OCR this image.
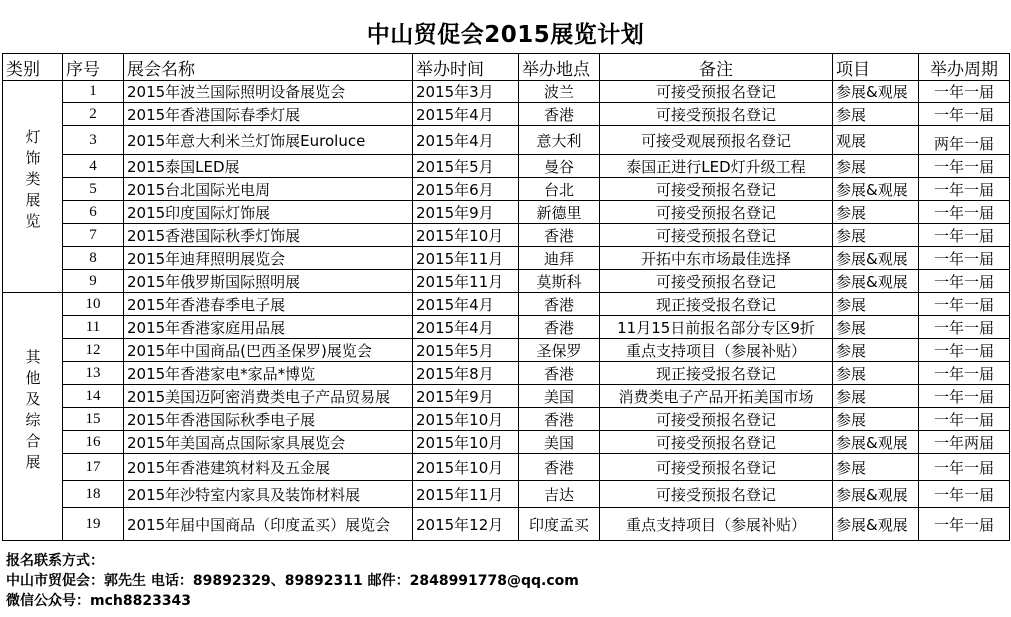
中山贸促会2015展览计划
类别	序号	展会名称	举办时间	举办地点	备注	项目	举办周期
灯饰类展览	1	2015年波兰国际照明设备展览会	2015年3月	波兰	可接受预报名登记	参展&观展	一年一届
	2	2015年香港国际春季灯展	2015年4月	香港	可接受预报名登记	参展	一年一届
	3	2015年意大利米兰灯饰展Euroluce	2015年4月	意大利	可接受观展预报名登记	观展	两年一届
	4	2015泰国LED展	2015年5月	曼谷	泰国正进行LED灯升级工程	参展	一年一届
	5	2015台北国际光电周	2015年6月	台北	可接受预报名登记	参展&观展	一年一届
	6	2015印度国际灯饰展	2015年9月	新德里	可接受预报名登记	参展	一年一届
	7	2015香港国际秋季灯饰展	2015年10月	香港	可接受预报名登记	参展	一年一届
	8	2015年迪拜照明展览会	2015年11月	迪拜	开拓中东市场最佳选择	参展&观展	一年一届
	9	2015年俄罗斯国际照明展	2015年11月	莫斯科	可接受预报名登记	参展&观展	一年一届
其他及综合展	10	2015年香港春季电子展	2015年4月	香港	现正接受报名登记	参展	一年一届
	11	2015年香港家庭用品展	2015年4月	香港	11月15日前报名部分专区9折	参展	一年一届
	12	2015年中国商品(巴西圣保罗)展览会	2015年5月	圣保罗	重点支持项目（参展补贴）	参展	一年一届
	13	2015年香港家电*家品*博览	2015年8月	香港	现正接受报名登记	参展	一年一届
	14	2015美国迈阿密消费类电子产品贸易展	2015年9月	美国	消费类电子产品开拓美国市场	参展	一年一届
	15	2015年香港国际秋季电子展	2015年10月	香港	可接受预报名登记	参展	一年一届
	16	2015年美国高点国际家具展览会	2015年10月	美国	可接受预报名登记	参展&观展	一年两届
	17	2015年香港建筑材料及五金展	2015年10月	香港	可接受预报名登记	参展	一年一届
	18	2015年沙特室内家具及装饰材料展	2015年11月	吉达	可接受预报名登记	参展&观展	一年一届
	19	2015年届中国商品（印度孟买）展览会	2015年12月	印度孟买	重点支持项目（参展补贴）	参展&观展	一年一届
报名联系方式：
中山市贸促会：郭先生 电话：89892329、89892311 邮件：2848991778@qq.com
微信公众号：mch8823343
